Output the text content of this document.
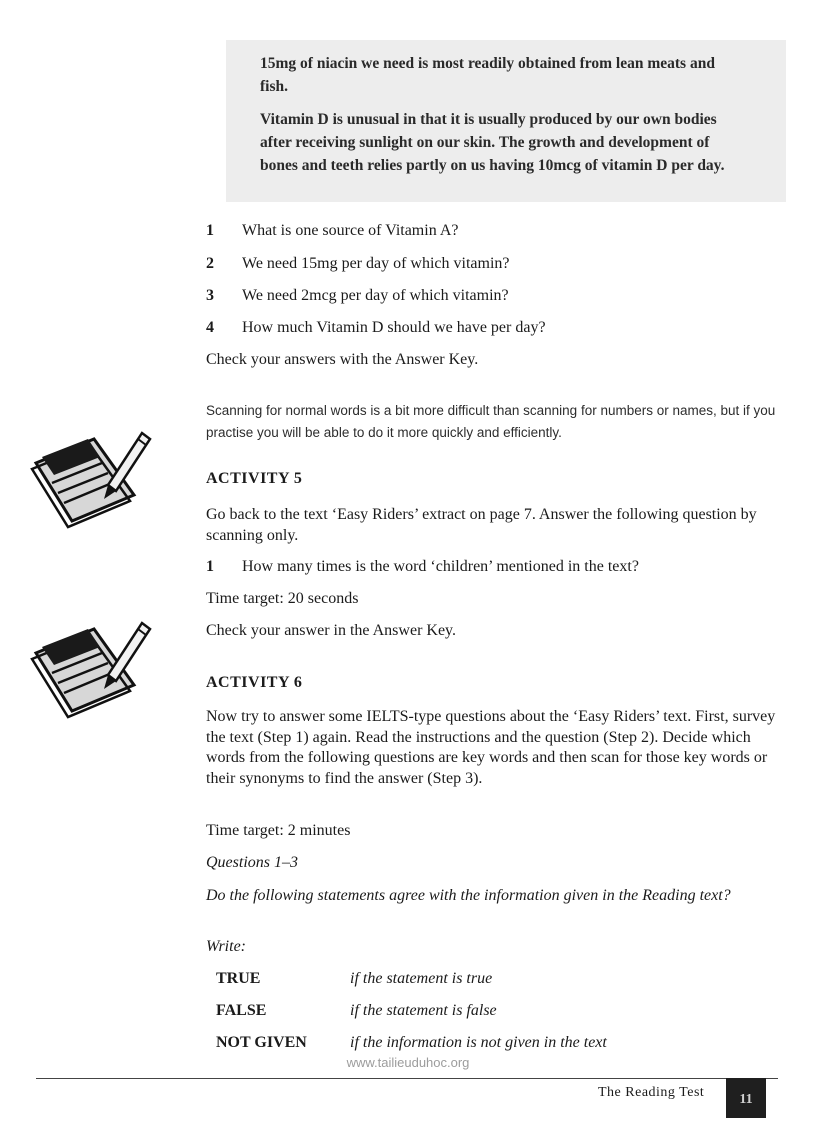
15mg of niacin we need is most readily obtained from lean meats and fish.

Vitamin D is unusual in that it is usually produced by our own bodies after receiving sunlight on our skin. The growth and development of bones and teeth relies partly on us having 10mcg of vitamin D per day.

1 What is one source of Vitamin A?
2 We need 15mg per day of which vitamin?
3 We need 2mcg per day of which vitamin?
4 How much Vitamin D should we have per day?
Check your answers with the Answer Key.
Scanning for normal words is a bit more difficult than scanning for numbers or names, but if you practise you will be able to do it more quickly and efficiently.
ACTIVITY 5
Go back to the text ‘Easy Riders’ extract on page 7. Answer the following question by scanning only.
1 How many times is the word ‘children’ mentioned in the text?
Time target: 20 seconds
Check your answer in the Answer Key.
ACTIVITY 6
Now try to answer some IELTS-type questions about the ‘Easy Riders’ text. First, survey the text (Step 1) again. Read the instructions and the question (Step 2). Decide which words from the following questions are key words and then scan for those key words or their synonyms to find the answer (Step 3).
Time target: 2 minutes
Questions 1–3
Do the following statements agree with the information given in the Reading text?
Write:
TRUE	if the statement is true
FALSE	if the statement is false
NOT GIVEN	if the information is not given in the text
www.tailieuduhoc.org
The Reading Test	11
